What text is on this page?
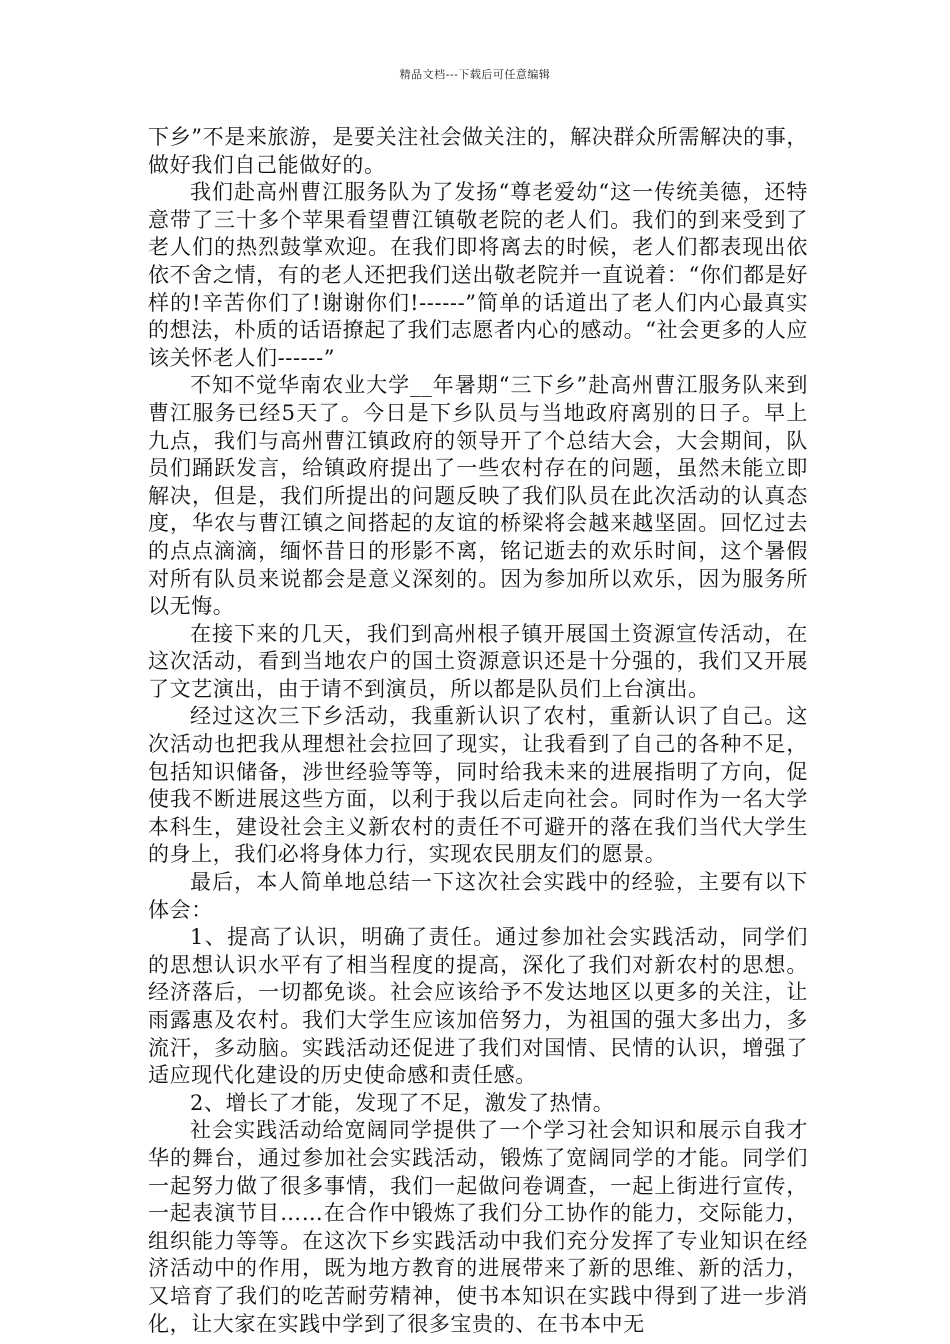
精品文档---下载后可任意编辑

下乡”不是来旅游，是要关注社会做关注的，解决群众所需解决的事，做好我们自己能做好的。

我们赴高州曹江服务队为了发扬“尊老爱幼“这一传统美德，还特意带了三十多个苹果看望曹江镇敬老院的老人们。我们的到来受到了老人们的热烈鼓掌欢迎。在我们即将离去的时候，老人们都表现出依依不舍之情，有的老人还把我们送出敬老院并一直说着：“你们都是好样的!辛苦你们了!谢谢你们!------”简单的话道出了老人们内心最真实的想法，朴质的话语撩起了我们志愿者内心的感动。“社会更多的人应该关怀老人们------”

不知不觉华南农业大学__年暑期“三下乡”赴高州曹江服务队来到曹江服务已经5天了。今日是下乡队员与当地政府离别的日子。早上九点，我们与高州曹江镇政府的领导开了个总结大会，大会期间，队员们踊跃发言，给镇政府提出了一些农村存在的问题，虽然未能立即解决，但是，我们所提出的问题反映了我们队员在此次活动的认真态度，华农与曹江镇之间搭起的友谊的桥梁将会越来越坚固。回忆过去的点点滴滴，缅怀昔日的形影不离，铭记逝去的欢乐时间，这个暑假对所有队员来说都会是意义深刻的。因为参加所以欢乐，因为服务所以无悔。

在接下来的几天，我们到高州根子镇开展国土资源宣传活动，在这次活动，看到当地农户的国土资源意识还是十分强的，我们又开展了文艺演出，由于请不到演员，所以都是队员们上台演出。

经过这次三下乡活动，我重新认识了农村，重新认识了自己。这次活动也把我从理想社会拉回了现实，让我看到了自己的各种不足，包括知识储备，涉世经验等等，同时给我未来的进展指明了方向，促使我不断进展这些方面，以利于我以后走向社会。同时作为一名大学本科生，建设社会主义新农村的责任不可避开的落在我们当代大学生的身上，我们必将身体力行，实现农民朋友们的愿景。

最后，本人简单地总结一下这次社会实践中的经验，主要有以下体会：

1、提高了认识，明确了责任。通过参加社会实践活动，同学们的思想认识水平有了相当程度的提高，深化了我们对新农村的思想。经济落后，一切都免谈。社会应该给予不发达地区以更多的关注，让雨露惠及农村。我们大学生应该加倍努力，为祖国的强大多出力，多流汗，多动脑。实践活动还促进了我们对国情、民情的认识，增强了适应现代化建设的历史使命感和责任感。

2、增长了才能，发现了不足，激发了热情。

社会实践活动给宽阔同学提供了一个学习社会知识和展示自我才华的舞台，通过参加社会实践活动，锻炼了宽阔同学的才能。同学们一起努力做了很多事情，我们一起做问卷调查，一起上街进行宣传，一起表演节目……在合作中锻炼了我们分工协作的能力，交际能力，组织能力等等。在这次下乡实践活动中我们充分发挥了专业知识在经济活动中的作用，既为地方教育的进展带来了新的思维、新的活力，又培育了我们的吃苦耐劳精神，使书本知识在实践中得到了进一步消化，让大家在实践中学到了很多宝贵的、在书本中无
